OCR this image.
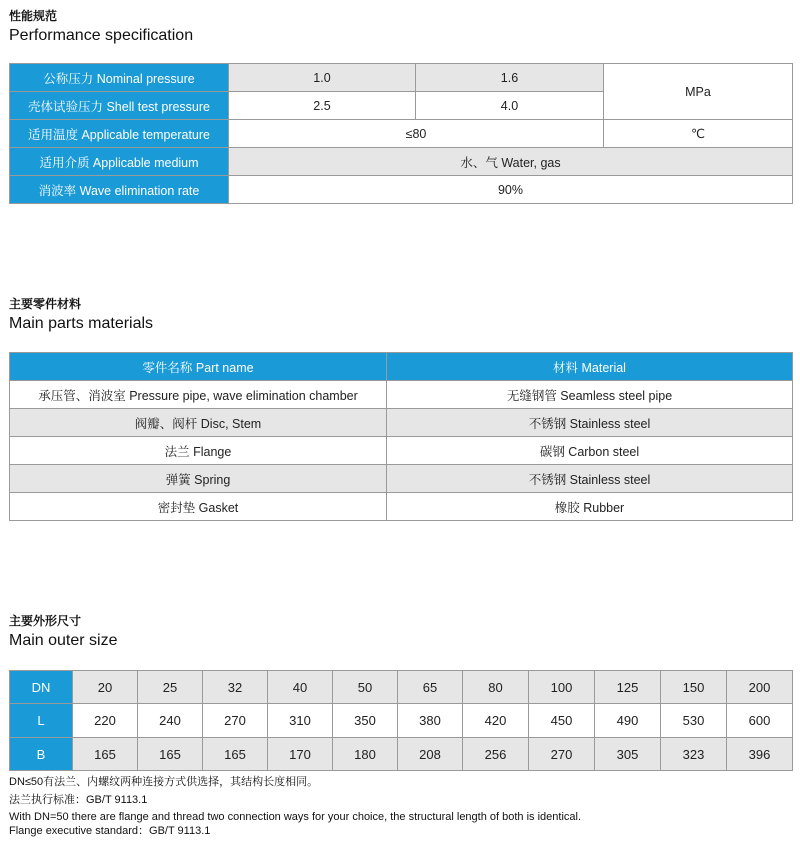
性能规范
Performance specification
公称压力 Nominal pressure	1.0	1.6	MPa
壳体试验压力 Shell test pressure	2.5	4.0	
适用温度 Applicable temperature	≤80		℃
适用介质 Applicable medium	水、气 Water, gas		
消波率 Wave elimination rate	90%		
主要零件材料
Main parts materials
零件名称 Part name	材料 Material
承压管、消波室 Pressure pipe, wave elimination chamber	无缝钢管 Seamless steel pipe
阀瓣、阀杆 Disc, Stem	不锈钢 Stainless steel
法兰 Flange	碳钢 Carbon steel
弹簧 Spring	不锈钢 Stainless steel
密封垫 Gasket	橡胶 Rubber
主要外形尺寸
Main outer size
DN	20	25	32	40	50	65	80	100	125	150	200
L	220	240	270	310	350	380	420	450	490	530	600
B	165	165	165	170	180	208	256	270	305	323	396
DN≤50有法兰、内螺纹两种连接方式供选择，其结构长度相同。
法兰执行标准：GB/T 9113.1
With DN=50 there are flange and thread two connection ways for your choice, the structural length of both is identical.
Flange executive standard：GB/T 9113.1
